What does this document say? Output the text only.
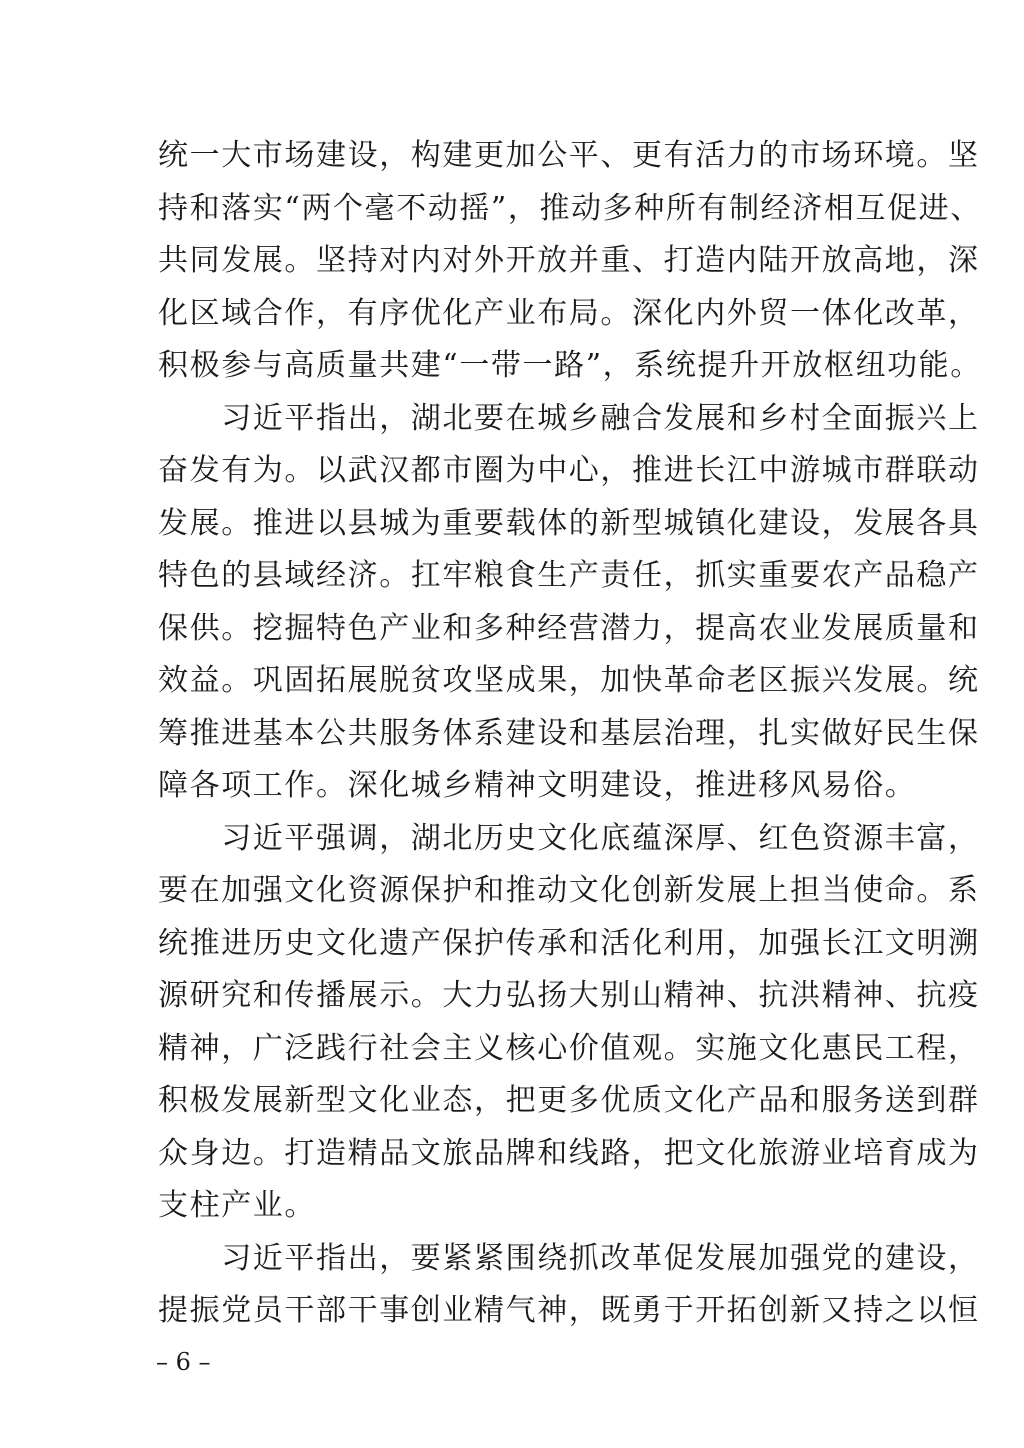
统一大市场建设，构建更加公平、更有活力的市场环境。坚
持和落实“两个毫不动摇”，推动多种所有制经济相互促进、
共同发展。坚持对内对外开放并重、打造内陆开放高地，深
化区域合作，有序优化产业布局。深化内外贸一体化改革，
积极参与高质量共建“一带一路”，系统提升开放枢纽功能。
　　习近平指出，湖北要在城乡融合发展和乡村全面振兴上
奋发有为。以武汉都市圈为中心，推进长江中游城市群联动
发展。推进以县城为重要载体的新型城镇化建设，发展各具
特色的县域经济。扛牢粮食生产责任，抓实重要农产品稳产
保供。挖掘特色产业和多种经营潜力，提高农业发展质量和
效益。巩固拓展脱贫攻坚成果，加快革命老区振兴发展。统
筹推进基本公共服务体系建设和基层治理，扎实做好民生保
障各项工作。深化城乡精神文明建设，推进移风易俗。
　　习近平强调，湖北历史文化底蕴深厚、红色资源丰富，
要在加强文化资源保护和推动文化创新发展上担当使命。系
统推进历史文化遗产保护传承和活化利用，加强长江文明溯
源研究和传播展示。大力弘扬大别山精神、抗洪精神、抗疫
精神，广泛践行社会主义核心价值观。实施文化惠民工程，
积极发展新型文化业态，把更多优质文化产品和服务送到群
众身边。打造精品文旅品牌和线路，把文化旅游业培育成为
支柱产业。
　　习近平指出，要紧紧围绕抓改革促发展加强党的建设，
提振党员干部干事创业精气神，既勇于开拓创新又持之以恒
– 6 –
